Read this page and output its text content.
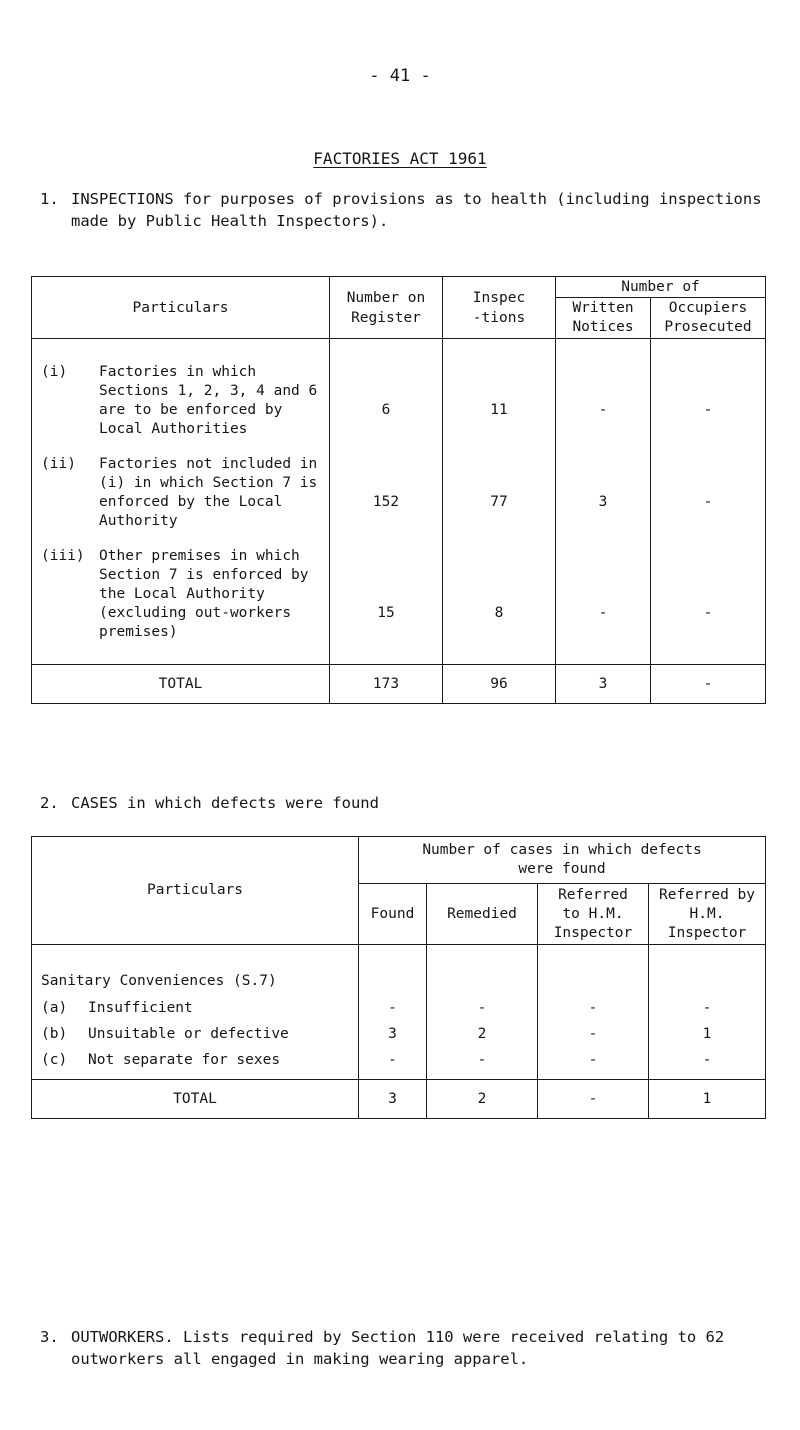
- 41 -
FACTORIES ACT 1961
1. INSPECTIONS for purposes of provisions as to health (including inspections made by Public Health Inspectors).
Particulars	Number on Register	Inspec -tions	Number of	
			Written Notices	Occupiers Prosecuted

(i) Factories in which Sections 1, 2, 3, 4 and 6 are to be enforced by Local Authorities	6	11	-	-

(ii) Factories not included in (i) in which Section 7 is enforced by the Local Authority	152	77	3	-

(iii) Other premises in which Section 7 is enforced by the Local Authority (excluding out-workers premises)	15	8	-	-

TOTAL	173	96	3	-
2. CASES in which defects were found
Particulars	Number of cases in which defects were found			
	Found	Remedied	Referred to H.M. Inspector	Referred by H.M. Inspector
Sanitary Conveniences (S.7)				
(a) Insufficient	-	-	-	-
(b) Unsuitable or defective	3	2	-	1
(c) Not separate for sexes	-	-	-	-
TOTAL	3	2	-	1
3. OUTWORKERS. Lists required by Section 110 were received relating to 62 outworkers all engaged in making wearing apparel.
